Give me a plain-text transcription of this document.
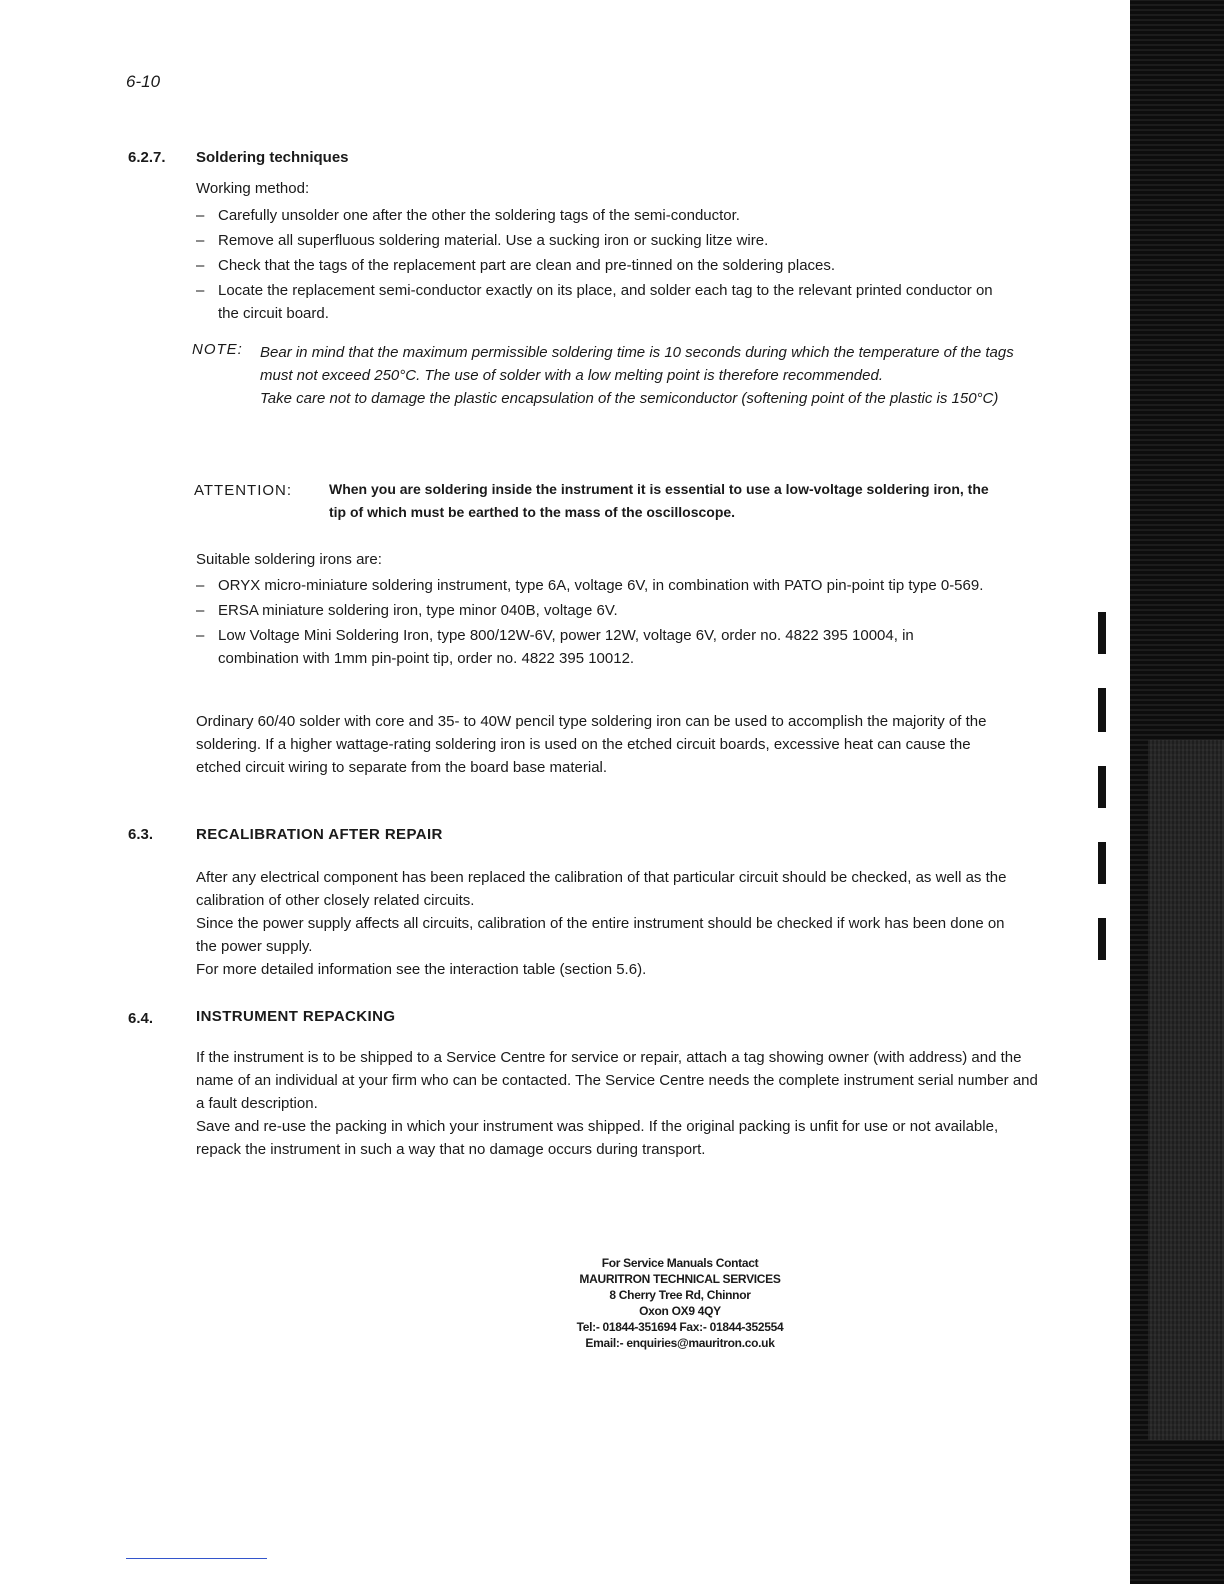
6-10
6.2.7. Soldering techniques
Working method:
– Carefully unsolder one after the other the soldering tags of the semi-conductor.
– Remove all superfluous soldering material. Use a sucking iron or sucking litze wire.
– Check that the tags of the replacement part are clean and pre-tinned on the soldering places.
– Locate the replacement semi-conductor exactly on its place, and solder each tag to the relevant printed conductor on the circuit board.
NOTE: Bear in mind that the maximum permissible soldering time is 10 seconds during which the temperature of the tags must not exceed 250°C. The use of solder with a low melting point is therefore recommended.

Take care not to damage the plastic encapsulation of the semiconductor (softening point of the plastic is 150°C)

ATTENTION:	When you are soldering inside the instrument it is essential to use a low-voltage soldering iron, the tip of which must be earthed to the mass of the oscilloscope.
Suitable soldering irons are:
– ORYX micro-miniature soldering instrument, type 6A, voltage 6V, in combination with PATO pin-point tip type 0-569.
– ERSA miniature soldering iron, type minor 040B, voltage 6V.
– Low Voltage Mini Soldering Iron, type 800/12W-6V, power 12W, voltage 6V, order no. 4822 395 10004, in combination with 1mm pin-point tip, order no. 4822 395 10012.
Ordinary 60/40 solder with core and 35- to 40W pencil type soldering iron can be used to accomplish the majority of the soldering. If a higher wattage-rating soldering iron is used on the etched circuit boards, excessive heat can cause the etched circuit wiring to separate from the board base material.
6.3.	RECALIBRATION AFTER REPAIR
After any electrical component has been replaced the calibration of that particular circuit should be checked, as well as the calibration of other closely related circuits.
Since the power supply affects all circuits, calibration of the entire instrument should be checked if work has been done on the power supply.
For more detailed information see the interaction table (section 5.6).
6.4.	INSTRUMENT REPACKING
If the instrument is to be shipped to a Service Centre for service or repair, attach a tag showing owner (with address) and the name of an individual at your firm who can be contacted. The Service Centre needs the complete instrument serial number and a fault description.
Save and re-use the packing in which your instrument was shipped. If the original packing is unfit for use or not available, repack the instrument in such a way that no damage occurs during transport.
For Service Manuals Contact
MAURITRON TECHNICAL SERVICES
8 Cherry Tree Rd, Chinnor
Oxon OX9 4QY
Tel:- 01844-351694 Fax:- 01844-352554
Email:- enquiries@mauritron.co.uk
